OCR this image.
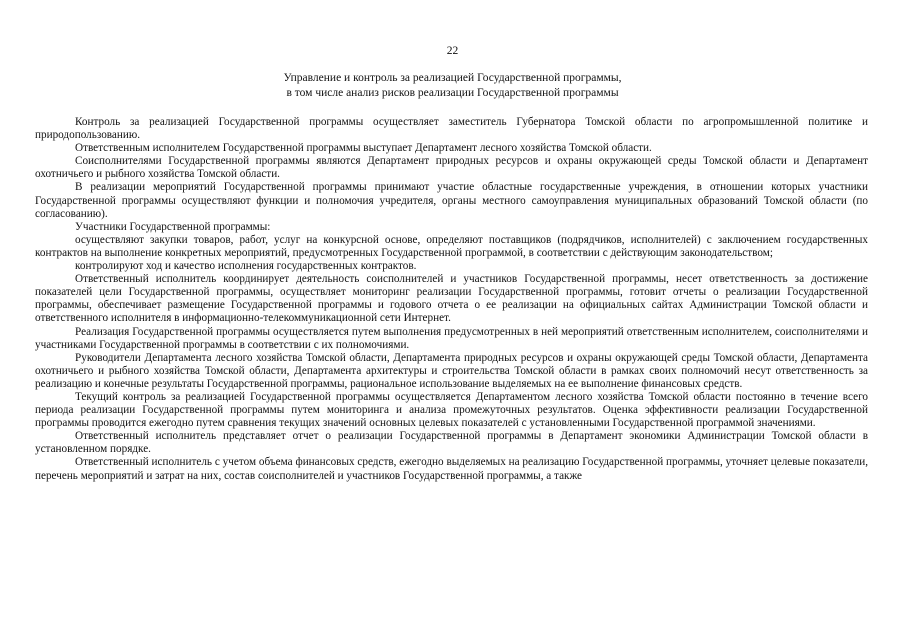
22
Управление и контроль за реализацией Государственной программы,
в том числе анализ рисков реализации Государственной программы

Контроль за реализацией Государственной программы осуществляет заместитель Губернатора Томской области по агропромышленной политике и природопользованию.

Ответственным исполнителем Государственной программы выступает Департамент лесного хозяйства Томской области.

Соисполнителями Государственной программы являются Департамент природных ресурсов и охраны окружающей среды Томской области и Департамент охотничьего и рыбного хозяйства Томской области.

В реализации мероприятий Государственной программы принимают участие областные государственные учреждения, в отношении которых участники Государственной программы осуществляют функции и полномочия учредителя, органы местного самоуправления муниципальных образований Томской области (по согласованию).

Участники Государственной программы:

осуществляют закупки товаров, работ, услуг на конкурсной основе, определяют поставщиков (подрядчиков, исполнителей) с заключением государственных контрактов на выполнение конкретных мероприятий, предусмотренных Государственной программой, в соответствии с действующим законодательством;

контролируют ход и качество исполнения государственных контрактов.

Ответственный исполнитель координирует деятельность соисполнителей и участников Государственной программы, несет ответственность за достижение показателей цели Государственной программы, осуществляет мониторинг реализации Государственной программы, готовит отчеты о реализации Государственной программы, обеспечивает размещение Государственной программы и годового отчета о ее реализации на официальных сайтах Администрации Томской области и ответственного исполнителя в информационно-телекоммуникационной сети Интернет.

Реализация Государственной программы осуществляется путем выполнения предусмотренных в ней мероприятий ответственным исполнителем, соисполнителями и участниками Государственной программы в соответствии с их полномочиями.

Руководители Департамента лесного хозяйства Томской области, Департамента природных ресурсов и охраны окружающей среды Томской области, Департамента охотничьего и рыбного хозяйства Томской области, Департамента архитектуры и строительства Томской области в рамках своих полномочий несут ответственность за реализацию и конечные результаты Государственной программы, рациональное использование выделяемых на ее выполнение финансовых средств.

Текущий контроль за реализацией Государственной программы осуществляется Департаментом лесного хозяйства Томской области постоянно в течение всего периода реализации Государственной программы путем мониторинга и анализа промежуточных результатов. Оценка эффективности реализации Государственной программы проводится ежегодно путем сравнения текущих значений основных целевых показателей с установленными Государственной программой значениями.

Ответственный исполнитель представляет отчет о реализации Государственной программы в Департамент экономики Администрации Томской области в установленном порядке.

Ответственный исполнитель с учетом объема финансовых средств, ежегодно выделяемых на реализацию Государственной программы, уточняет целевые показатели, перечень мероприятий и затрат на них, состав соисполнителей и участников Государственной программы, а также
